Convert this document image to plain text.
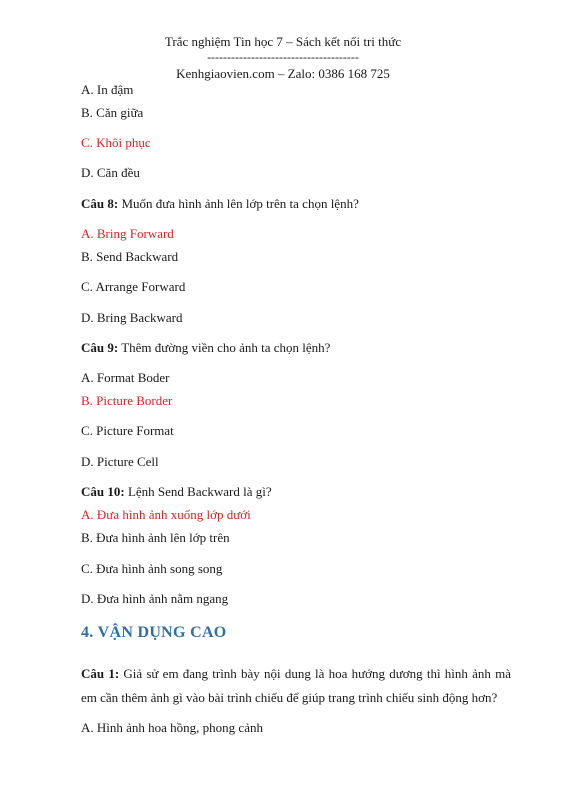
Trắc nghiệm Tin học 7 – Sách kết nối tri thức
--------------------------------------
Kenhgiaovien.com – Zalo: 0386 168 725
A. In đậm
B. Căn giữa
C. Khôi phục
D. Căn đều
Câu 8: Muốn đưa hình ảnh lên lớp trên ta chọn lệnh?
A. Bring Forward
B. Send Backward
C. Arrange Forward
D. Bring Backward
Câu 9: Thêm đường viền cho ảnh ta chọn lệnh?
A. Format Boder
B. Picture Border
C. Picture Format
D. Picture Cell
Câu 10: Lệnh Send Backward là gì?
A. Đưa hình ảnh xuống lớp dưới
B. Đưa hình ảnh lên lớp trên
C. Đưa hình ảnh song song
D. Đưa hình ảnh nằm ngang
4. VẬN DỤNG CAO
Câu 1: Giả sử em đang trình bày nội dung là hoa hướng dương thì hình ảnh mà em cần thêm ảnh gì vào bài trình chiếu để giúp trang trình chiếu sinh động hơn?
A. Hình ảnh hoa hồng, phong cảnh
